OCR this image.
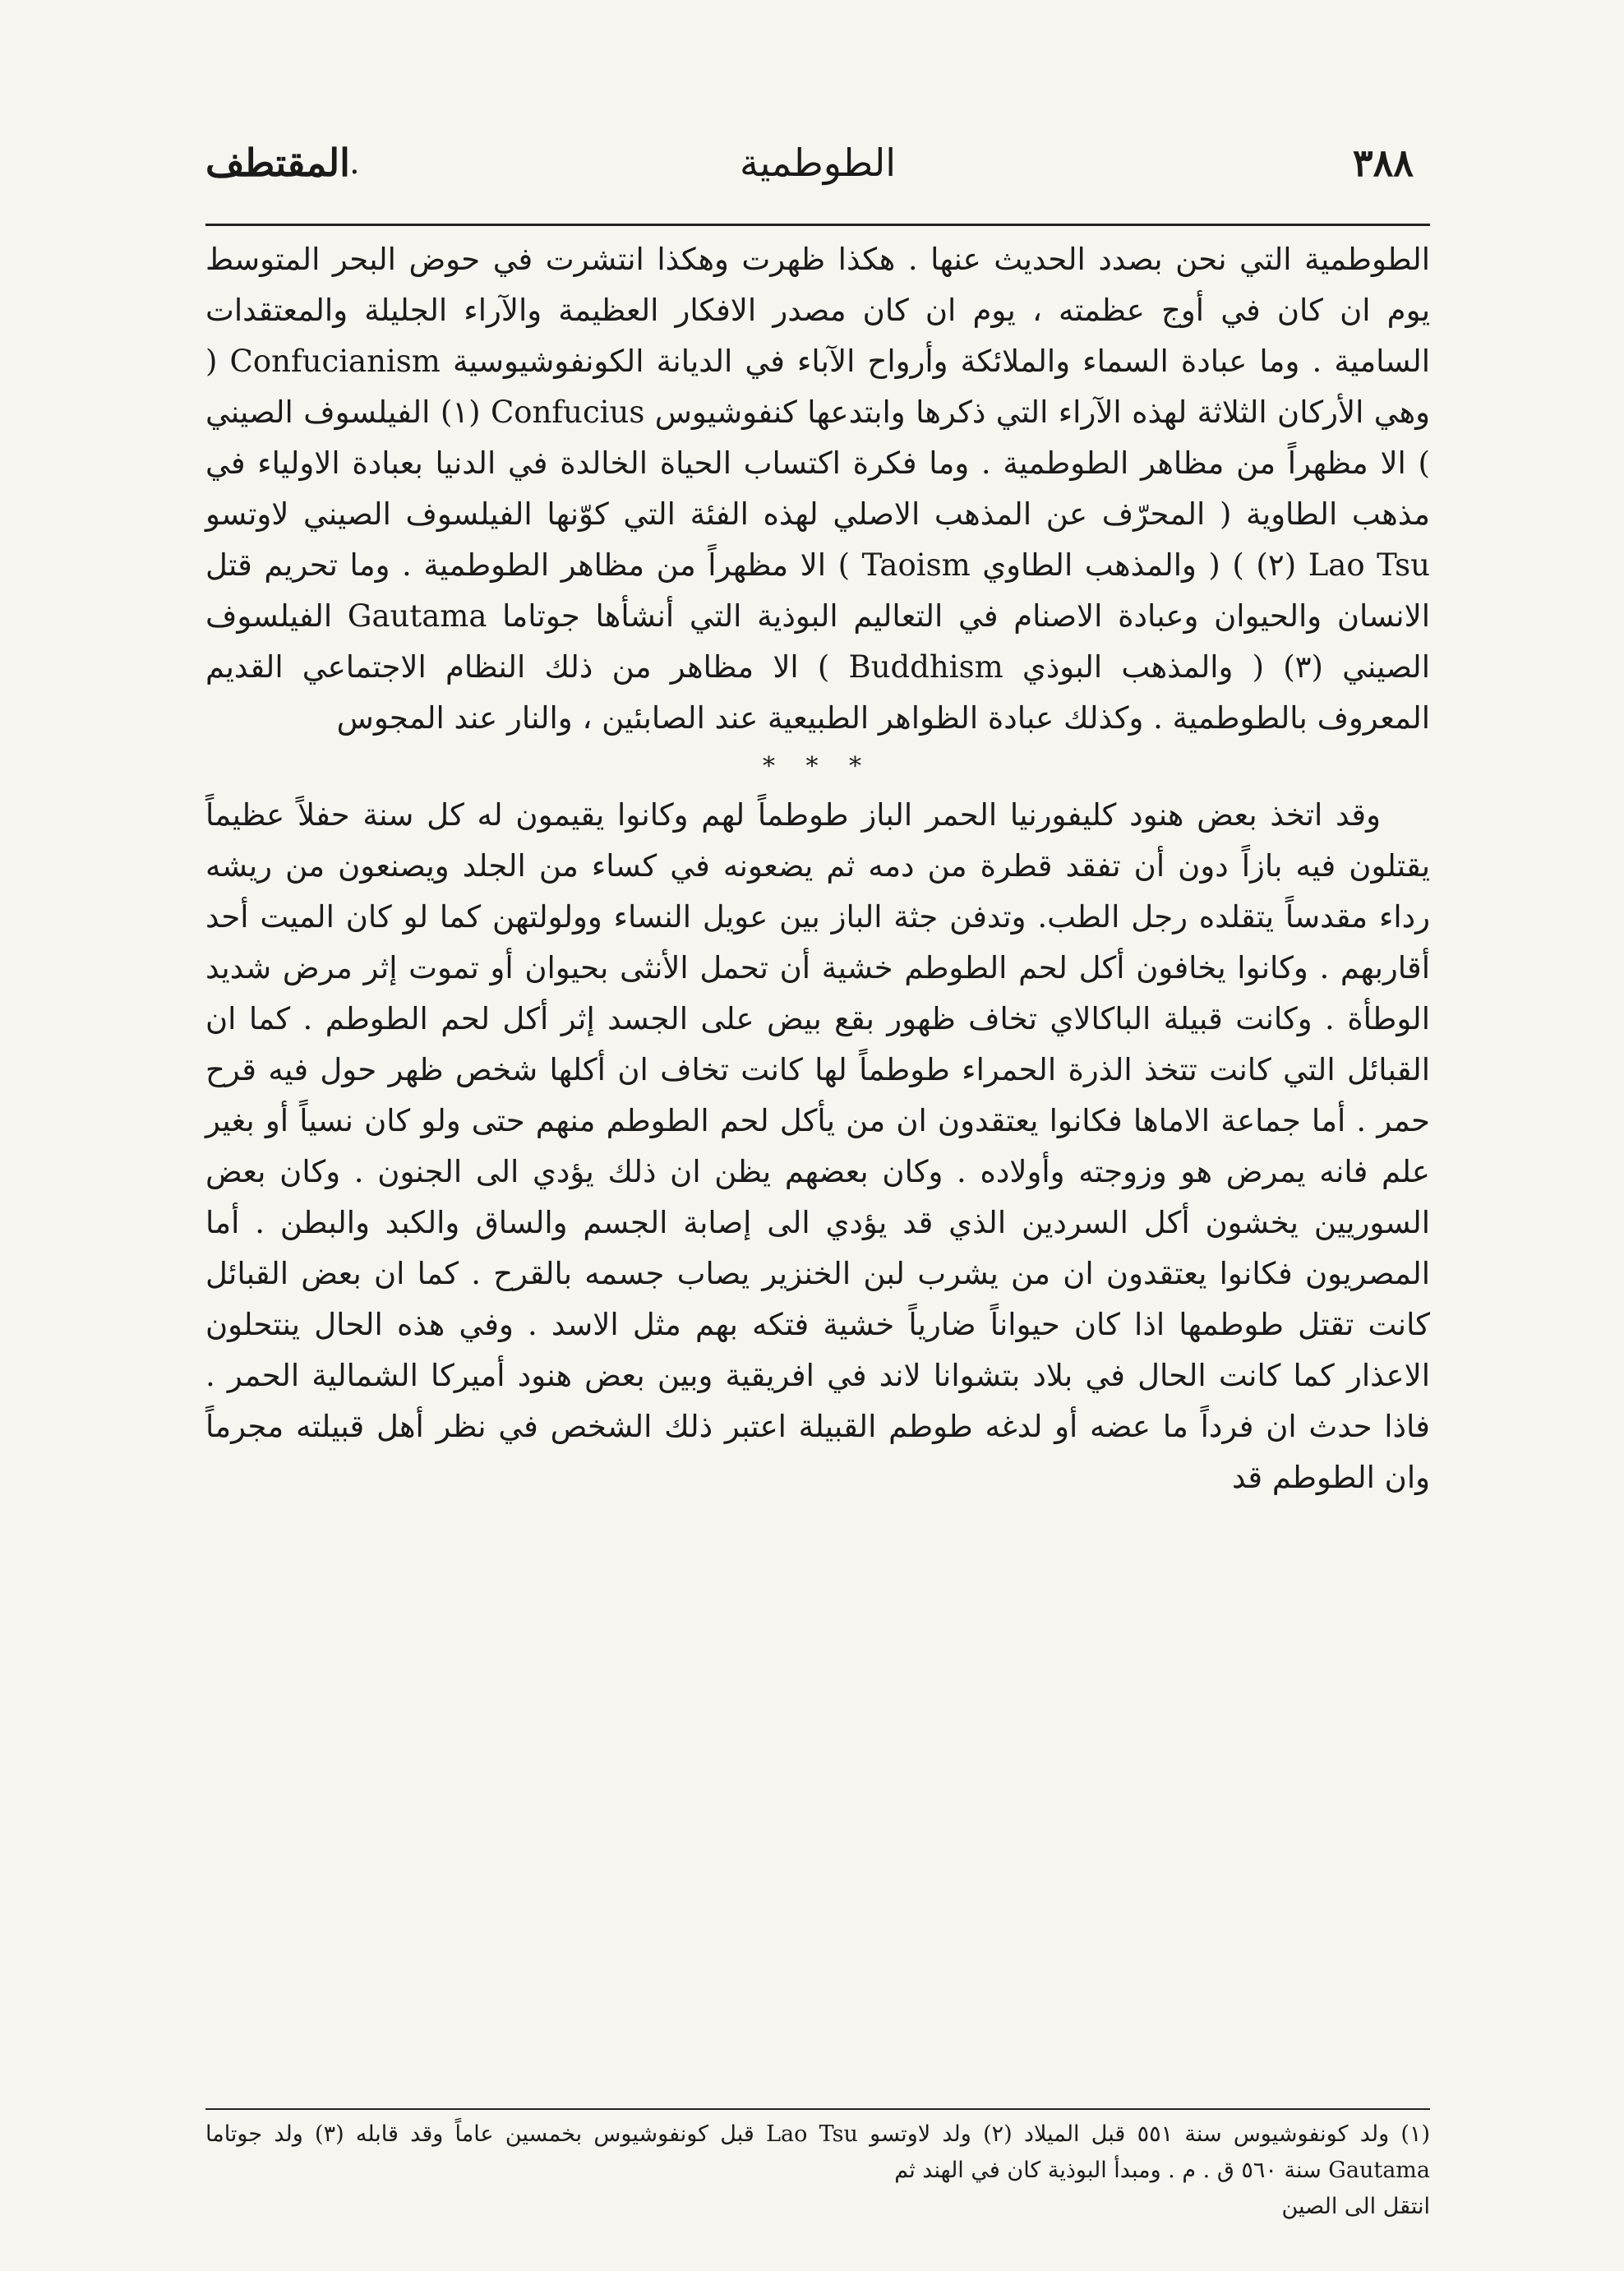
٣٨٨
الطوطمية
.
المقتطف

الطوطمية التي نحن بصدد الحديث عنها . هكذا ظهرت وهكذا انتشرت في حوض البحر المتوسط يوم ان كان في أوج عظمته ، يوم ان كان مصدر الافكار العظيمة والآراء الجليلة والمعتقدات السامية . وما عبادة السماء والملائكة وأرواح الآباء في الديانة الكونفوشيوسية Confucianism ( وهي الأركان الثلاثة لهذه الآراء التي ذكرها وابتدعها كنفوشيوس Confucius (١) الفيلسوف الصيني ) الا مظهراً من مظاهر الطوطمية . وما فكرة اكتساب الحياة الخالدة في الدنيا بعبادة الاولياء في مذهب الطاوية ( المحرّف عن المذهب الاصلي لهذه الفئة التي كوّنها الفيلسوف الصيني لاوتسو Lao Tsu (٢) ) ( والمذهب الطاوي Taoism ) الا مظهراً من مظاهر الطوطمية . وما تحريم قتل الانسان والحيوان وعبادة الاصنام في التعاليم البوذية التي أنشأها جوتاما Gautama الفيلسوف الصيني (٣) ( والمذهب البوذي Buddhism ) الا مظاهر من ذلك النظام الاجتماعي القديم المعروف بالطوطمية . وكذلك عبادة الظواهر الطبيعية عند الصابئين ، والنار عند المجوس

* * *

وقد اتخذ بعض هنود كليفورنيا الحمر الباز طوطماً لهم وكانوا يقيمون له كل سنة حفلاً عظيماً يقتلون فيه بازاً دون أن تفقد قطرة من دمه ثم يضعونه في كساء من الجلد ويصنعون من ريشه رداء مقدساً يتقلده رجل الطب. وتدفن جثة الباز بين عويل النساء وولولتهن كما لو كان الميت أحد أقاربهم . وكانوا يخافون أكل لحم الطوطم خشية أن تحمل الأنثى بحيوان أو تموت إثر مرض شديد الوطأة . وكانت قبيلة الباكالاي تخاف ظهور بقع بيض على الجسد إثر أكل لحم الطوطم . كما ان القبائل التي كانت تتخذ الذرة الحمراء طوطماً لها كانت تخاف ان أكلها شخص ظهر حول فيه قرح حمر . أما جماعة الاماها فكانوا يعتقدون ان من يأكل لحم الطوطم منهم حتى ولو كان نسياً أو بغير علم فانه يمرض هو وزوجته وأولاده . وكان بعضهم يظن ان ذلك يؤدي الى الجنون . وكان بعض السوريين يخشون أكل السردين الذي قد يؤدي الى إصابة الجسم والساق والكبد والبطن . أما المصريون فكانوا يعتقدون ان من يشرب لبن الخنزير يصاب جسمه بالقرح . كما ان بعض القبائل كانت تقتل طوطمها اذا كان حيواناً ضارياً خشية فتكه بهم مثل الاسد . وفي هذه الحال ينتحلون الاعذار كما كانت الحال في بلاد بتشوانا لاند في افريقية وبين بعض هنود أميركا الشمالية الحمر . فاذا حدث ان فرداً ما عضه أو لدغه طوطم القبيلة اعتبر ذلك الشخص في نظر أهل قبيلته مجرماً وان الطوطم قد

(١) ولد كونفوشيوس سنة ٥٥١ قبل الميلاد (٢) ولد لاوتسو Lao Tsu قبل كونفوشيوس بخمسين عاماً وقد قابله (٣) ولد جوتاما Gautama سنة ٥٦٠ ق . م . ومبدأ البوذية كان في الهند ثم

انتقل الى الصين
